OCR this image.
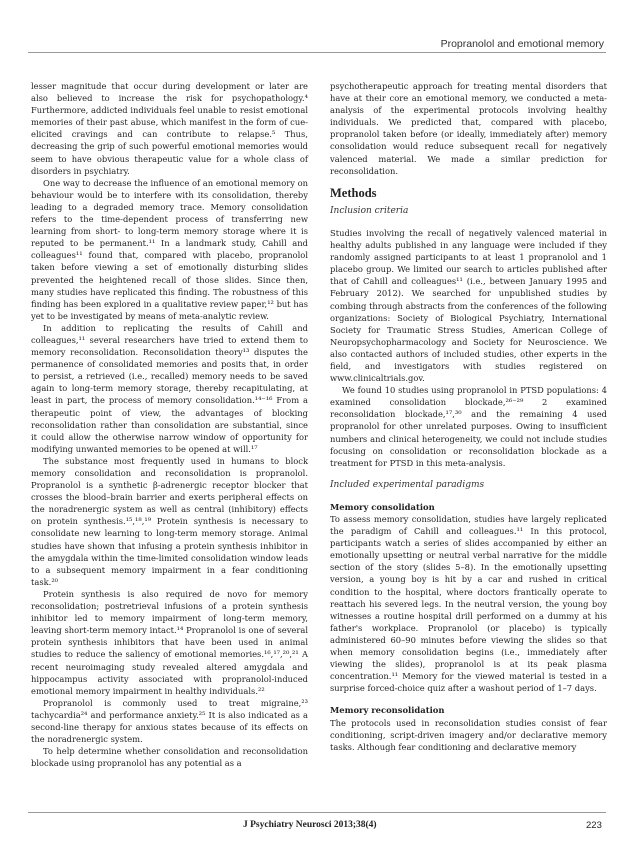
Propranolol and emotional memory

lesser magnitude that occur during development or later are also believed to increase the risk for psychopathology.⁴ Furthermore, addicted individuals feel unable to resist emotional memories of their past abuse, which manifest in the form of cue-elicited cravings and can contribute to relapse.⁵ Thus, decreasing the grip of such powerful emotional memories would seem to have obvious therapeutic value for a whole class of disorders in psychiatry.

One way to decrease the influence of an emotional memory on behaviour would be to interfere with its consolidation, thereby leading to a degraded memory trace. Memory consolidation refers to the time-dependent process of transferring new learning from short- to long-term memory storage where it is reputed to be permanent.¹¹ In a landmark study, Cahill and colleagues¹¹ found that, compared with placebo, propranolol taken before viewing a set of emotionally disturbing slides prevented the heightened recall of those slides. Since then, many studies have replicated this finding. The robustness of this finding has been explored in a qualitative review paper,¹² but has yet to be investigated by means of meta-analytic review.

In addition to replicating the results of Cahill and colleagues,¹¹ several researchers have tried to extend them to memory reconsolidation. Reconsolidation theory¹³ disputes the permanence of consolidated memories and posits that, in order to persist, a retrieved (i.e., recalled) memory needs to be saved again to long-term memory storage, thereby recapitulating, at least in part, the process of memory consolidation.¹⁴⁻¹⁶ From a therapeutic point of view, the advantages of blocking reconsolidation rather than consolidation are substantial, since it could allow the otherwise narrow window of opportunity for modifying unwanted memories to be opened at will.¹⁷

The substance most frequently used in humans to block memory consolidation and reconsolidation is propranolol. Propranolol is a synthetic β-adrenergic receptor blocker that crosses the blood–brain barrier and exerts peripheral effects on the noradrenergic system as well as central (inhibitory) effects on protein synthesis.¹⁵,¹⁸,¹⁹ Protein synthesis is necessary to consolidate new learning to long-term memory storage. Animal studies have shown that infusing a protein synthesis inhibitor in the amygdala within the time-limited consolidation window leads to a subsequent memory impairment in a fear conditioning task.²⁰

Protein synthesis is also required de novo for memory reconsolidation; postretrieval infusions of a protein synthesis inhibitor led to memory impairment of long-term memory, leaving short-term memory intact.¹⁴ Propranolol is one of several protein synthesis inhibitors that have been used in animal studies to reduce the saliency of emotional memories.¹⁶,¹⁷,²⁰,²¹ A recent neuroimaging study revealed altered amygdala and hippocampus activity associated with propranolol-induced emotional memory impairment in healthy individuals.²²

Propranolol is commonly used to treat migraine,²³ tachycardia²⁴ and performance anxiety.²⁵ It is also indicated as a second-line therapy for anxious states because of its effects on the noradrenergic system.

To help determine whether consolidation and reconsolidation blockade using propranolol has any potential as a

psychotherapeutic approach for treating mental disorders that have at their core an emotional memory, we conducted a meta-analysis of the experimental protocols involving healthy individuals. We predicted that, compared with placebo, propranolol taken before (or ideally, immediately after) memory consolidation would reduce subsequent recall for negatively valenced material. We made a similar prediction for reconsolidation.

Methods
Inclusion criteria

Studies involving the recall of negatively valenced material in healthy adults published in any language were included if they randomly assigned participants to at least 1 propranolol and 1 placebo group. We limited our search to articles published after that of Cahill and colleagues¹¹ (i.e., between January 1995 and February 2012). We searched for unpublished studies by combing through abstracts from the conferences of the following organizations: Society of Biological Psychiatry, International Society for Traumatic Stress Studies, American College of Neuropsychopharmacology and Society for Neuroscience. We also contacted authors of included studies, other experts in the field, and investigators with studies registered on www.clinicaltrials.gov.

We found 10 studies using propranolol in PTSD populations: 4 examined consolidation blockade,²⁶⁻²⁹ 2 examined reconsolidation blockade,¹⁷,³⁰ and the remaining 4 used propranolol for other unrelated purposes. Owing to insufficient numbers and clinical heterogeneity, we could not include studies focusing on consolidation or reconsolidation blockade as a treatment for PTSD in this meta-analysis.

Included experimental paradigms

Memory consolidation

To assess memory consolidation, studies have largely replicated the paradigm of Cahill and colleagues.¹¹ In this protocol, participants watch a series of slides accompanied by either an emotionally upsetting or neutral verbal narrative for the middle section of the story (slides 5–8). In the emotionally upsetting version, a young boy is hit by a car and rushed in critical condition to the hospital, where doctors frantically operate to reattach his severed legs. In the neutral version, the young boy witnesses a routine hospital drill performed on a dummy at his father's workplace. Propranolol (or placebo) is typically administered 60–90 minutes before viewing the slides so that when memory consolidation begins (i.e., immediately after viewing the slides), propranolol is at its peak plasma concentration.¹¹ Memory for the viewed material is tested in a surprise forced-choice quiz after a washout period of 1–7 days.

Memory reconsolidation

The protocols used in reconsolidation studies consist of fear conditioning, script-driven imagery and/or declarative memory tasks. Although fear conditioning and declarative memory

J Psychiatry Neurosci 2013;38(4)	223
